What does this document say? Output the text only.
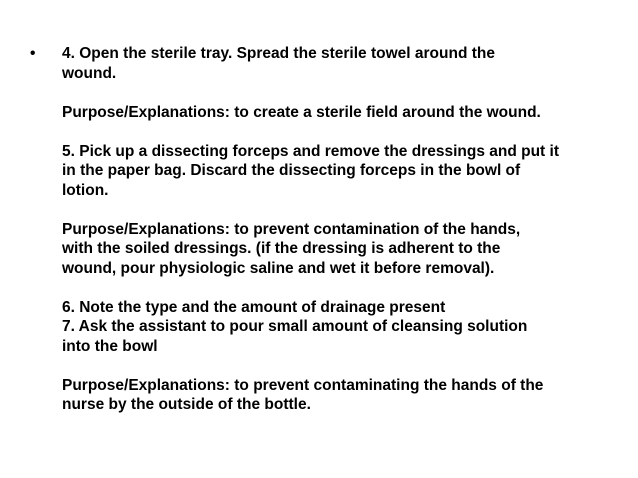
• 4. Open the sterile tray. Spread the sterile towel around the
wound.
Purpose/Explanations: to create a sterile field around the wound.
5. Pick up a dissecting forceps and remove the dressings and put it
in the paper bag. Discard the dissecting forceps in the bowl of
lotion.
Purpose/Explanations: to prevent contamination of the hands,
with the soiled dressings. (if the dressing is adherent to the
wound, pour physiologic saline and wet it before removal).
6. Note the type and the amount of drainage present
7. Ask the assistant to pour small amount of cleansing solution
into the bowl
Purpose/Explanations: to prevent contaminating the hands of the
nurse by the outside of the bottle.
